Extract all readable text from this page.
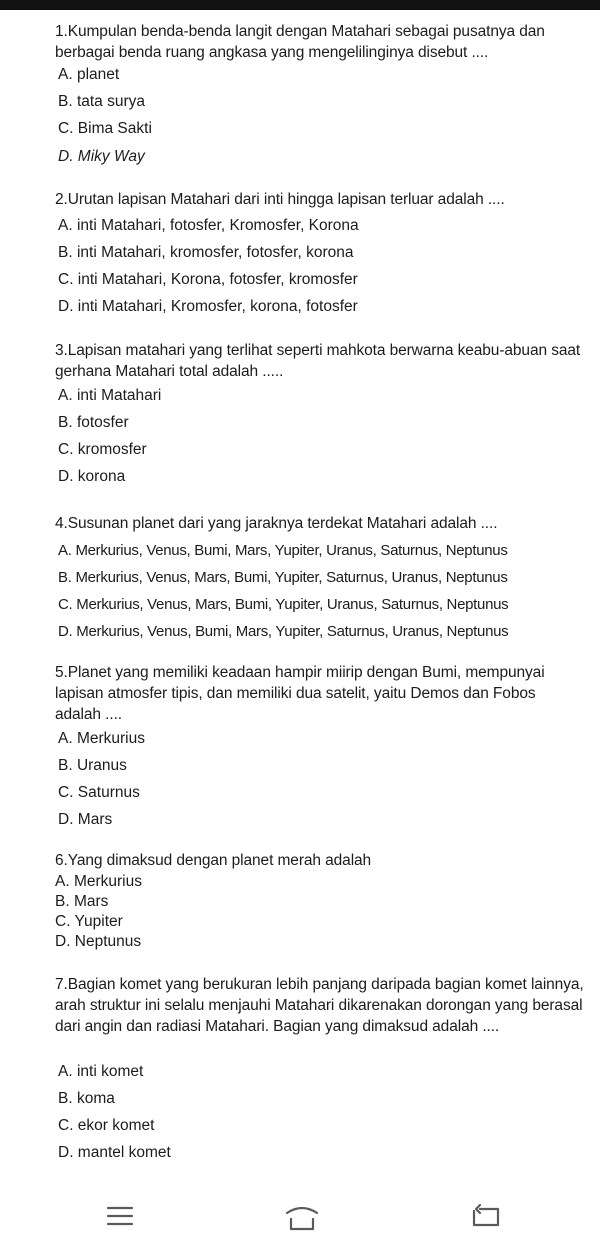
1.Kumpulan benda-benda langit dengan Matahari sebagai pusatnya dan berbagai benda ruang angkasa yang mengelilinginya disebut ....
A. planet
B. tata surya
C. Bima Sakti
D. Miky Way
2.Urutan lapisan Matahari dari inti hingga lapisan terluar adalah ....
A. inti Matahari, fotosfer, Kromosfer, Korona
B. inti Matahari, kromosfer, fotosfer, korona
C. inti Matahari, Korona, fotosfer, kromosfer
D. inti Matahari, Kromosfer, korona, fotosfer
3.Lapisan matahari yang terlihat seperti mahkota berwarna keabu-abuan saat gerhana Matahari total adalah .....
A. inti Matahari
B. fotosfer
C. kromosfer
D. korona
4.Susunan planet dari yang jaraknya terdekat Matahari adalah ....
A. Merkurius, Venus, Bumi, Mars, Yupiter, Uranus, Saturnus, Neptunus
B. Merkurius, Venus, Mars, Bumi, Yupiter, Saturnus, Uranus, Neptunus
C. Merkurius, Venus, Mars, Bumi, Yupiter, Uranus, Saturnus, Neptunus
D. Merkurius, Venus, Bumi, Mars, Yupiter, Saturnus, Uranus, Neptunus
5.Planet yang memiliki keadaan hampir miirip dengan Bumi, mempunyai lapisan atmosfer tipis, dan memiliki dua satelit, yaitu Demos dan Fobos adalah ....
A. Merkurius
B. Uranus
C. Saturnus
D. Mars
6.Yang dimaksud dengan planet merah adalah
A. Merkurius
B. Mars
C. Yupiter
D. Neptunus
7.Bagian komet yang berukuran lebih panjang daripada bagian komet lainnya, arah struktur ini selalu menjauhi Matahari dikarenakan dorongan yang berasal dari angin dan radiasi Matahari. Bagian yang dimaksud adalah ....
A. inti komet
B. koma
C. ekor komet
D. mantel komet
